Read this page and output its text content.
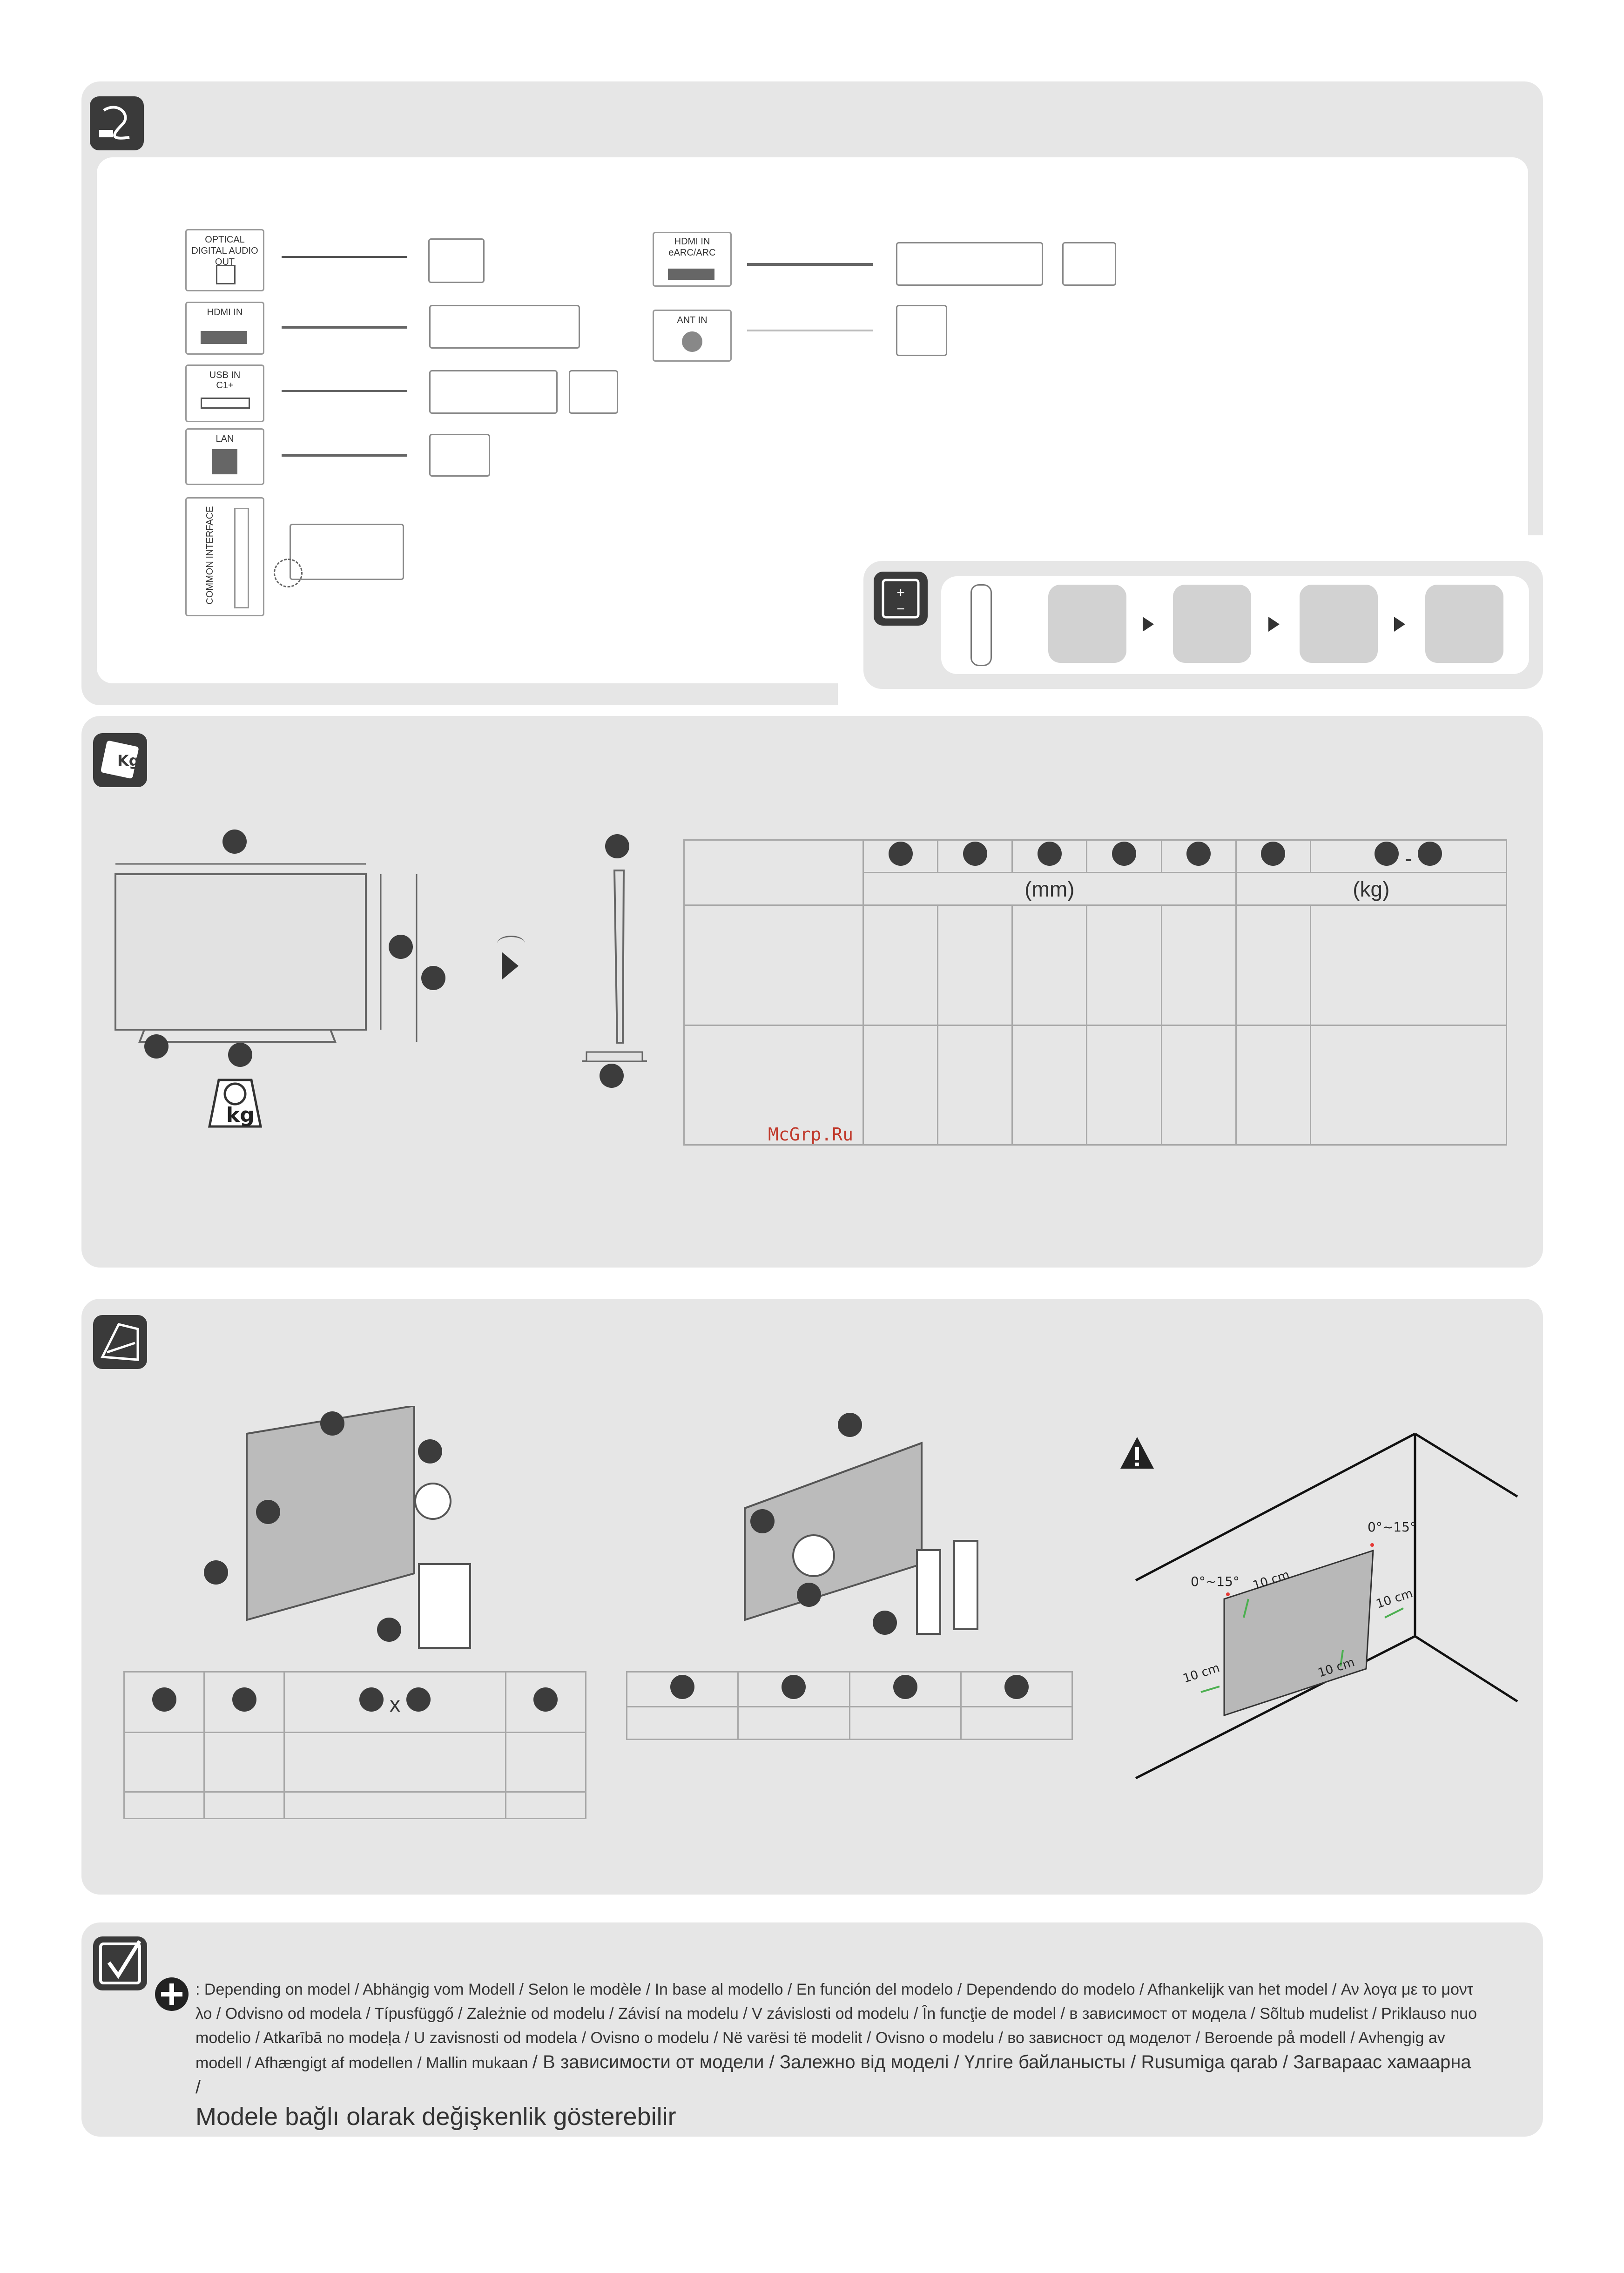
OPTICAL DIGITAL AUDIO OUT
HDMI IN
USB IN
C1+
LAN
COMMON INTERFACE
HDMI IN eARC/ARC
ANT IN
+
−
Kg
kg
							-
	(mm)					(kg)	

McGrp.Ru
		x	

0°~15°
0°~15° 10 cm
10 cm
10 cm
10 cm
: Depending on model / Abhängig vom Modell / Selon le modèle / In base al modello / En función del modelo / Dependendo do modelo / Afhankelijk van het model / Αν λογα με το μοντ λο / Odvisno od modela / Típusfüggő / Zależnie od modelu / Závisí na modelu / V závislosti od modelu / În funcţie de model / в зависимост от модела / Sõltub mudelist / Priklauso nuo modelio / Atkarībā no modeļa / U zavisnosti od modela / Ovisno o modelu / Në varësi të modelit / Ovisno o modelu / во зависност од моделот / Beroende på modell / Avhengig av modell / Afhængigt af modellen / Mallin mukaan / В зависимости от модели / Залежно від моделі / Үлгіге байланысты / Rusumiga qarab / Загвараас хамаарна /
Modele bağlı olarak değişkenlik gösterebilir
